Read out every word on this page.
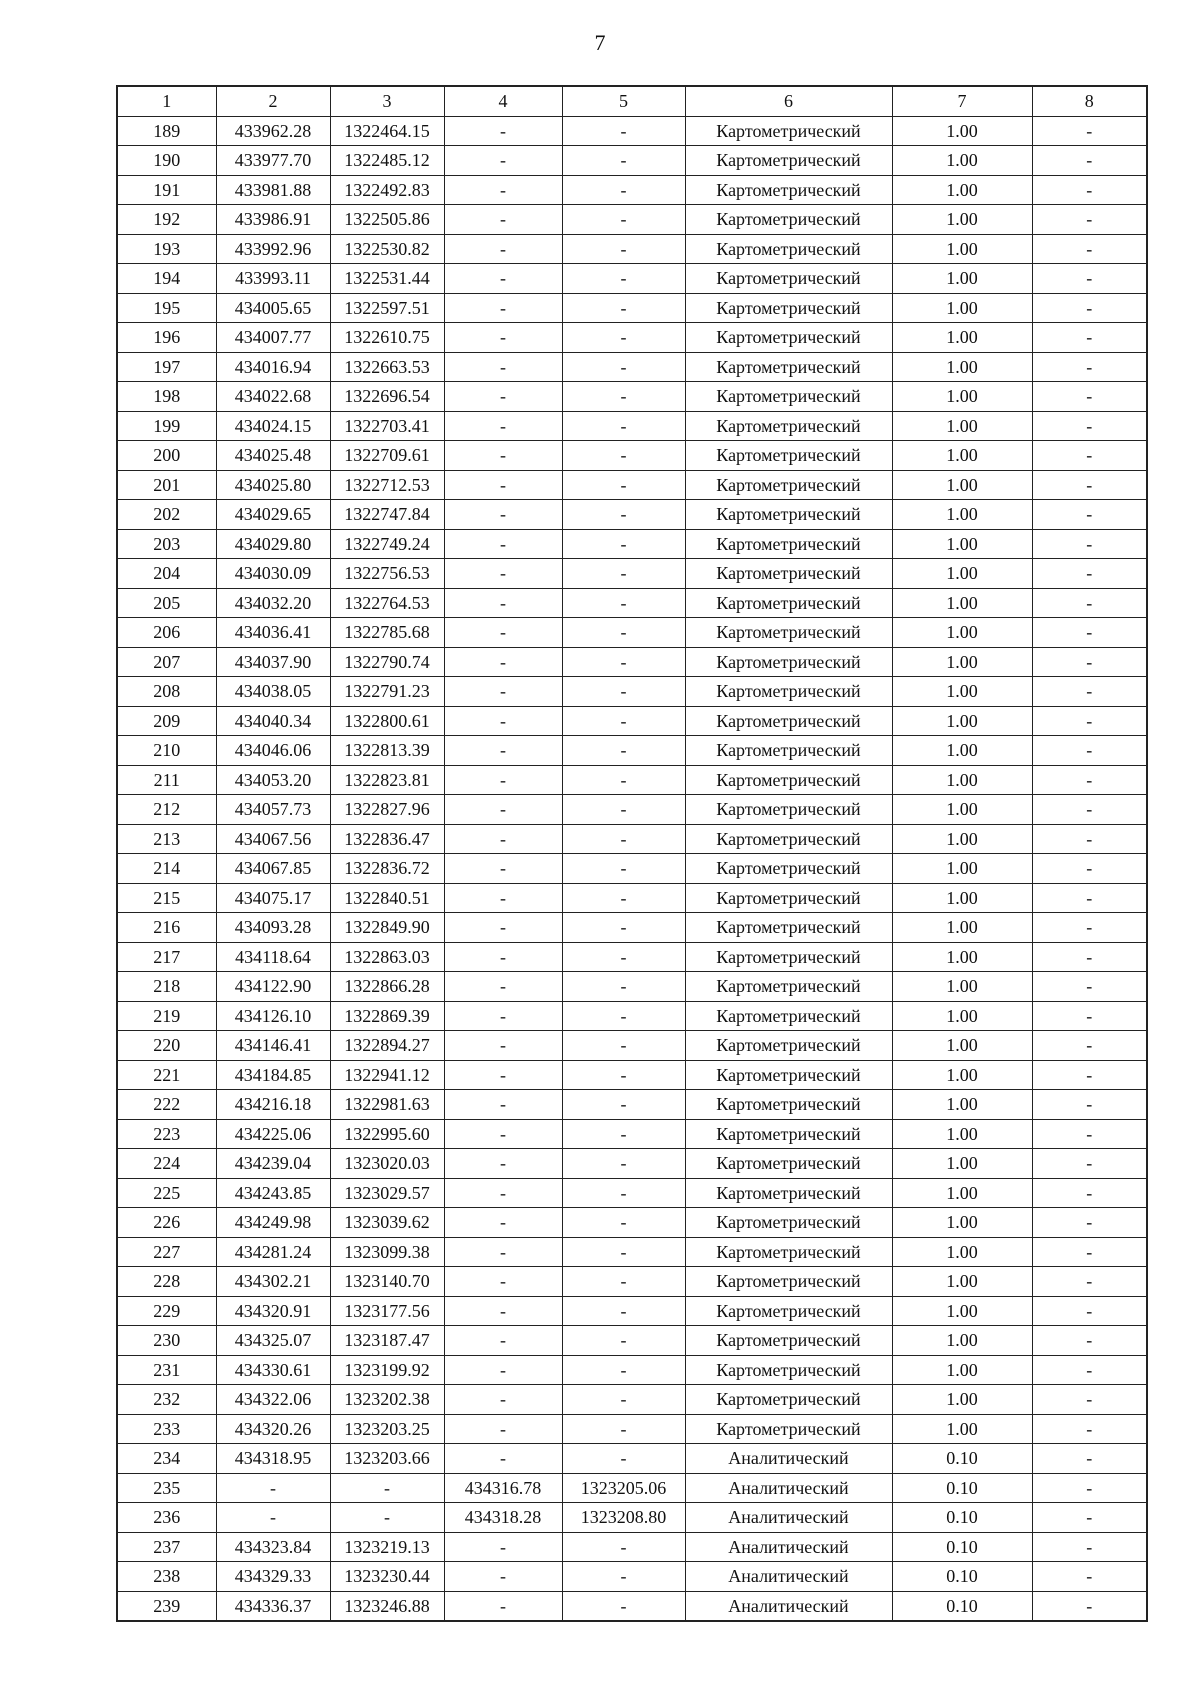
7
1	2	3	4	5	6	7	8
189	433962.28	1322464.15	-	-	Картометрический	1.00	-
190	433977.70	1322485.12	-	-	Картометрический	1.00	-
191	433981.88	1322492.83	-	-	Картометрический	1.00	-
192	433986.91	1322505.86	-	-	Картометрический	1.00	-
193	433992.96	1322530.82	-	-	Картометрический	1.00	-
194	433993.11	1322531.44	-	-	Картометрический	1.00	-
195	434005.65	1322597.51	-	-	Картометрический	1.00	-
196	434007.77	1322610.75	-	-	Картометрический	1.00	-
197	434016.94	1322663.53	-	-	Картометрический	1.00	-
198	434022.68	1322696.54	-	-	Картометрический	1.00	-
199	434024.15	1322703.41	-	-	Картометрический	1.00	-
200	434025.48	1322709.61	-	-	Картометрический	1.00	-
201	434025.80	1322712.53	-	-	Картометрический	1.00	-
202	434029.65	1322747.84	-	-	Картометрический	1.00	-
203	434029.80	1322749.24	-	-	Картометрический	1.00	-
204	434030.09	1322756.53	-	-	Картометрический	1.00	-
205	434032.20	1322764.53	-	-	Картометрический	1.00	-
206	434036.41	1322785.68	-	-	Картометрический	1.00	-
207	434037.90	1322790.74	-	-	Картометрический	1.00	-
208	434038.05	1322791.23	-	-	Картометрический	1.00	-
209	434040.34	1322800.61	-	-	Картометрический	1.00	-
210	434046.06	1322813.39	-	-	Картометрический	1.00	-
211	434053.20	1322823.81	-	-	Картометрический	1.00	-
212	434057.73	1322827.96	-	-	Картометрический	1.00	-
213	434067.56	1322836.47	-	-	Картометрический	1.00	-
214	434067.85	1322836.72	-	-	Картометрический	1.00	-
215	434075.17	1322840.51	-	-	Картометрический	1.00	-
216	434093.28	1322849.90	-	-	Картометрический	1.00	-
217	434118.64	1322863.03	-	-	Картометрический	1.00	-
218	434122.90	1322866.28	-	-	Картометрический	1.00	-
219	434126.10	1322869.39	-	-	Картометрический	1.00	-
220	434146.41	1322894.27	-	-	Картометрический	1.00	-
221	434184.85	1322941.12	-	-	Картометрический	1.00	-
222	434216.18	1322981.63	-	-	Картометрический	1.00	-
223	434225.06	1322995.60	-	-	Картометрический	1.00	-
224	434239.04	1323020.03	-	-	Картометрический	1.00	-
225	434243.85	1323029.57	-	-	Картометрический	1.00	-
226	434249.98	1323039.62	-	-	Картометрический	1.00	-
227	434281.24	1323099.38	-	-	Картометрический	1.00	-
228	434302.21	1323140.70	-	-	Картометрический	1.00	-
229	434320.91	1323177.56	-	-	Картометрический	1.00	-
230	434325.07	1323187.47	-	-	Картометрический	1.00	-
231	434330.61	1323199.92	-	-	Картометрический	1.00	-
232	434322.06	1323202.38	-	-	Картометрический	1.00	-
233	434320.26	1323203.25	-	-	Картометрический	1.00	-
234	434318.95	1323203.66	-	-	Аналитический	0.10	-
235	-	-	434316.78	1323205.06	Аналитический	0.10	-
236	-	-	434318.28	1323208.80	Аналитический	0.10	-
237	434323.84	1323219.13	-	-	Аналитический	0.10	-
238	434329.33	1323230.44	-	-	Аналитический	0.10	-
239	434336.37	1323246.88	-	-	Аналитический	0.10	-
